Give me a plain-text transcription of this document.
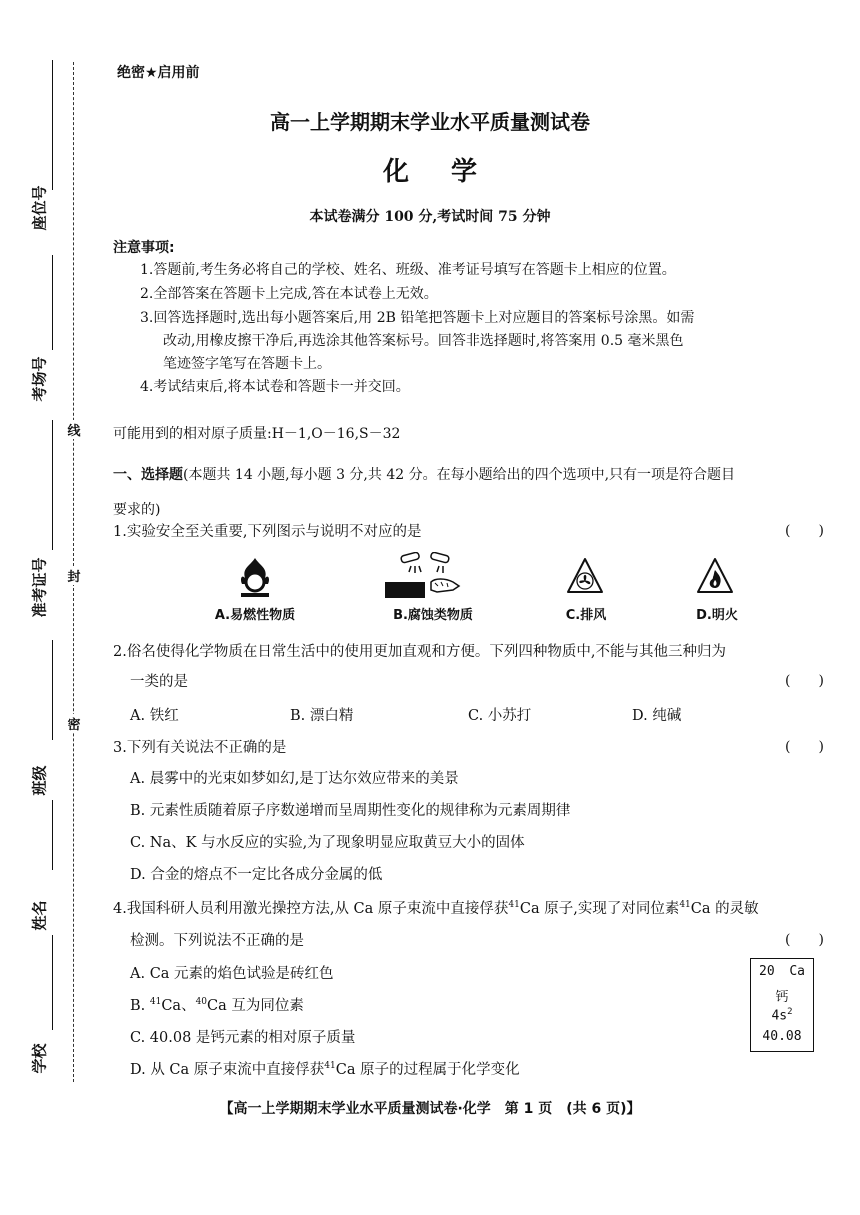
座位号
考场号
准考证号
班级
姓名
学校
线
封
密
绝密★启用前
高一上学期期末学业水平质量测试卷
化学
本试卷满分 100 分,考试时间 75 分钟
注意事项:
1.答题前,考生务必将自己的学校、姓名、班级、准考证号填写在答题卡上相应的位置。
2.全部答案在答题卡上完成,答在本试卷上无效。
3.回答选择题时,选出每小题答案后,用 2B 铅笔把答题卡上对应题目的答案标号涂黑。如需
改动,用橡皮擦干净后,再选涂其他答案标号。回答非选择题时,将答案用 0.5 毫米黑色
笔迹签字笔写在答题卡上。
4.考试结束后,将本试卷和答题卡一并交回。
可能用到的相对原子质量:H－1,O－16,S－32
一、选择题(本题共 14 小题,每小题 3 分,共 42 分。在每小题给出的四个选项中,只有一项是符合题目
要求的)
1.实验安全至关重要,下列图示与说明不对应的是	(　　)
A.易燃性物质	B.腐蚀类物质	C.排风	D.明火
2.俗名使得化学物质在日常生活中的使用更加直观和方便。下列四种物质中,不能与其他三种归为
一类的是	(　　)
A. 铁红	B. 漂白精	C. 小苏打	D. 纯碱
3.下列有关说法不正确的是	(　　)
A. 晨雾中的光束如梦如幻,是丁达尔效应带来的美景
B. 元素性质随着原子序数递增而呈周期性变化的规律称为元素周期律
C. Na、K 与水反应的实验,为了现象明显应取黄豆大小的固体
D. 合金的熔点不一定比各成分金属的低
4.我国科研人员利用激光操控方法,从 Ca 原子束流中直接俘获$^{41}$Ca 原子,实现了对同位素$^{41}$Ca 的灵敏
检测。下列说法不正确的是	(　　)
A. Ca 元素的焰色试验是砖红色
B. $^{41}$Ca、$^{40}$Ca 互为同位素
C. 40.08 是钙元素的相对原子质量
D. 从 Ca 原子束流中直接俘获$^{41}$Ca 原子的过程属于化学变化
20 Ca
钙
$4s^2$
40.08
【高一上学期期末学业水平质量测试卷·化学　第 1 页　(共 6 页)】
